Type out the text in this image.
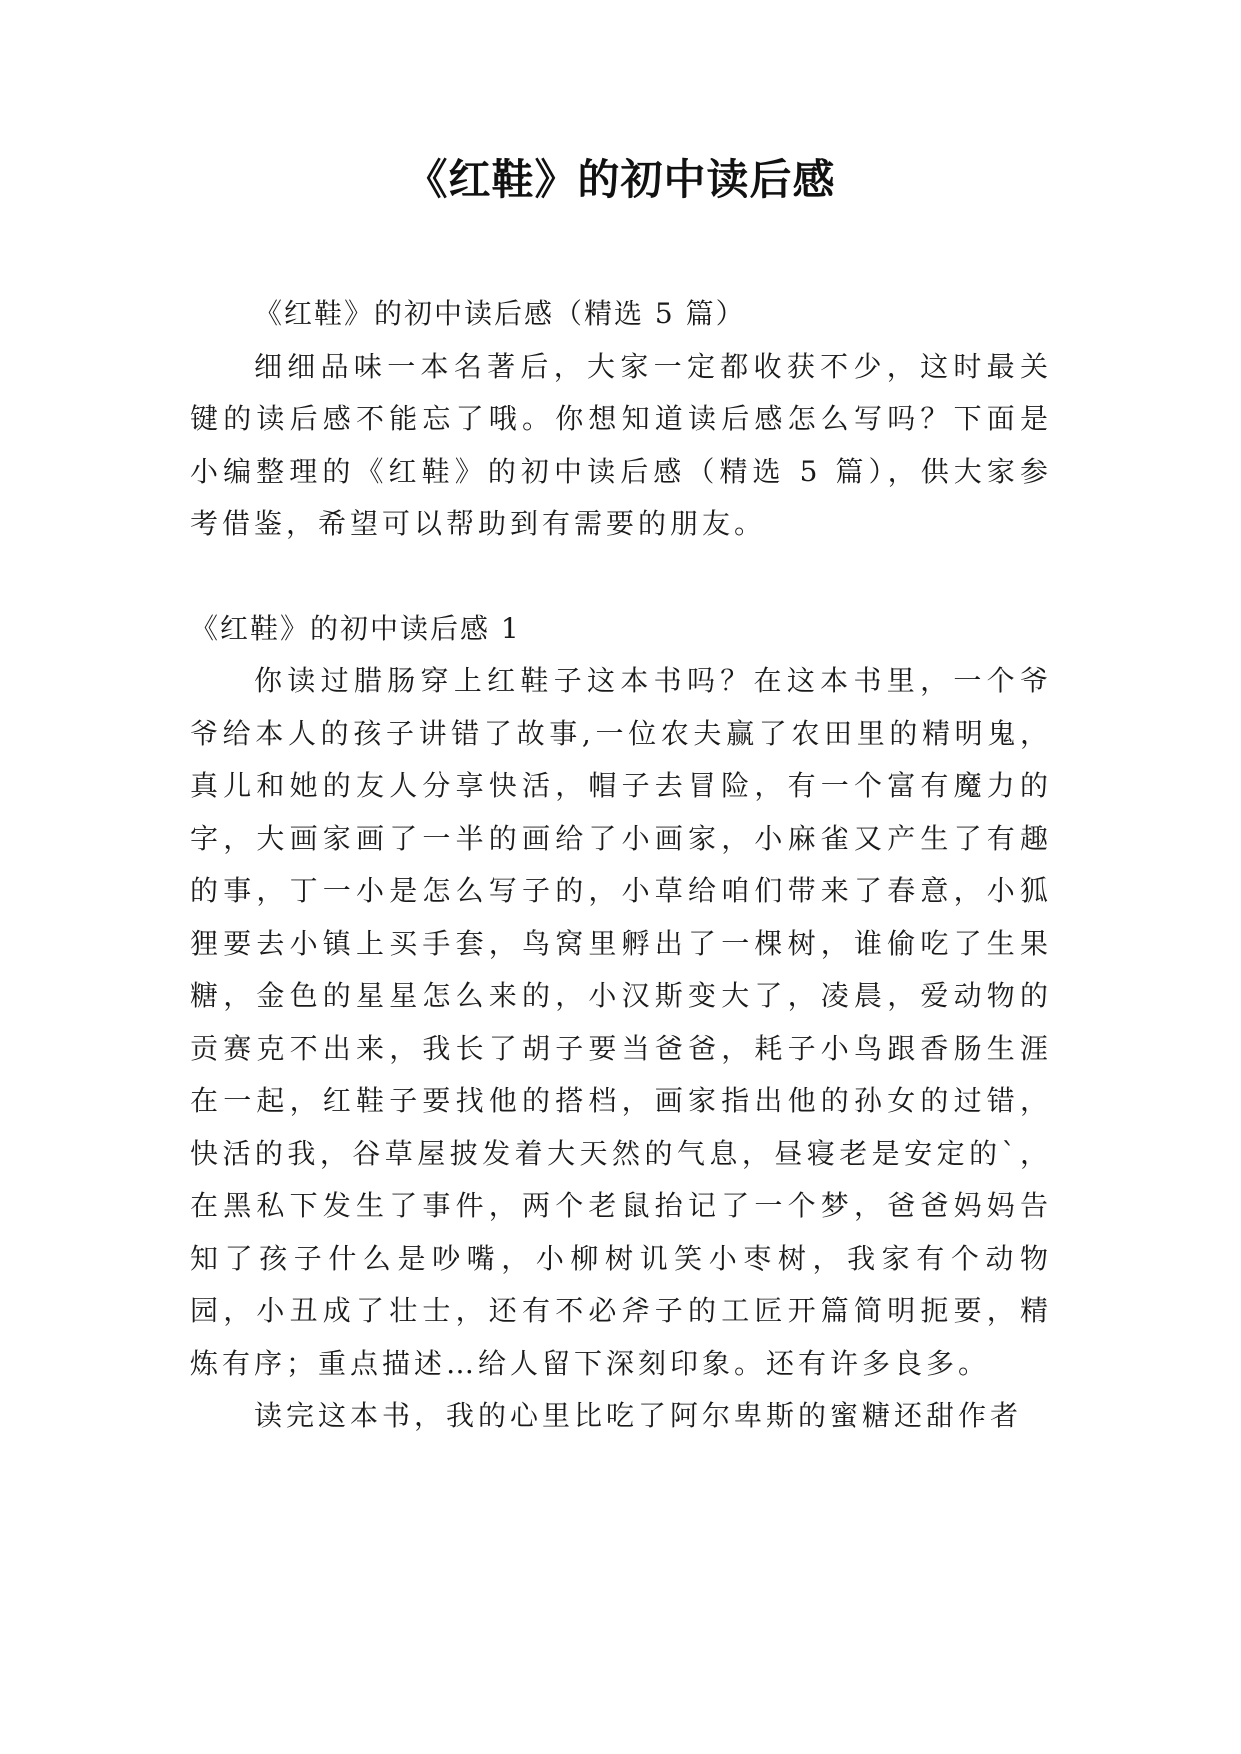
《红鞋》的初中读后感

《红鞋》的初中读后感（精选 5 篇）

细细品味一本名著后，大家一定都收获不少，这时最关键的读后感不能忘了哦。你想知道读后感怎么写吗？下面是小编整理的《红鞋》的初中读后感（精选 5 篇），供大家参考借鉴，希望可以帮助到有需要的朋友。

《红鞋》的初中读后感 1

你读过腊肠穿上红鞋子这本书吗？在这本书里，一个爷爷给本人的孩子讲错了故事,一位农夫赢了农田里的精明鬼，真儿和她的友人分享快活，帽子去冒险，有一个富有魔力的字，大画家画了一半的画给了小画家，小麻雀又产生了有趣的事，丁一小是怎么写子的，小草给咱们带来了春意，小狐狸要去小镇上买手套，鸟窝里孵出了一棵树，谁偷吃了生果糖，金色的星星怎么来的，小汉斯变大了，凌晨，爱动物的贡赛克不出来，我长了胡子要当爸爸，耗子小鸟跟香肠生涯在一起，红鞋子要找他的搭档，画家指出他的孙女的过错，快活的我，谷草屋披发着大天然的气息，昼寝老是安定的`，在黑私下发生了事件，两个老鼠抬记了一个梦，爸爸妈妈告知了孩子什么是吵嘴，小柳树讥笑小枣树，我家有个动物园，小丑成了壮士，还有不必斧子的工匠开篇简明扼要，精炼有序；重点描述…给人留下深刻印象。还有许多良多。

读完这本书，我的心里比吃了阿尔卑斯的蜜糖还甜作者
